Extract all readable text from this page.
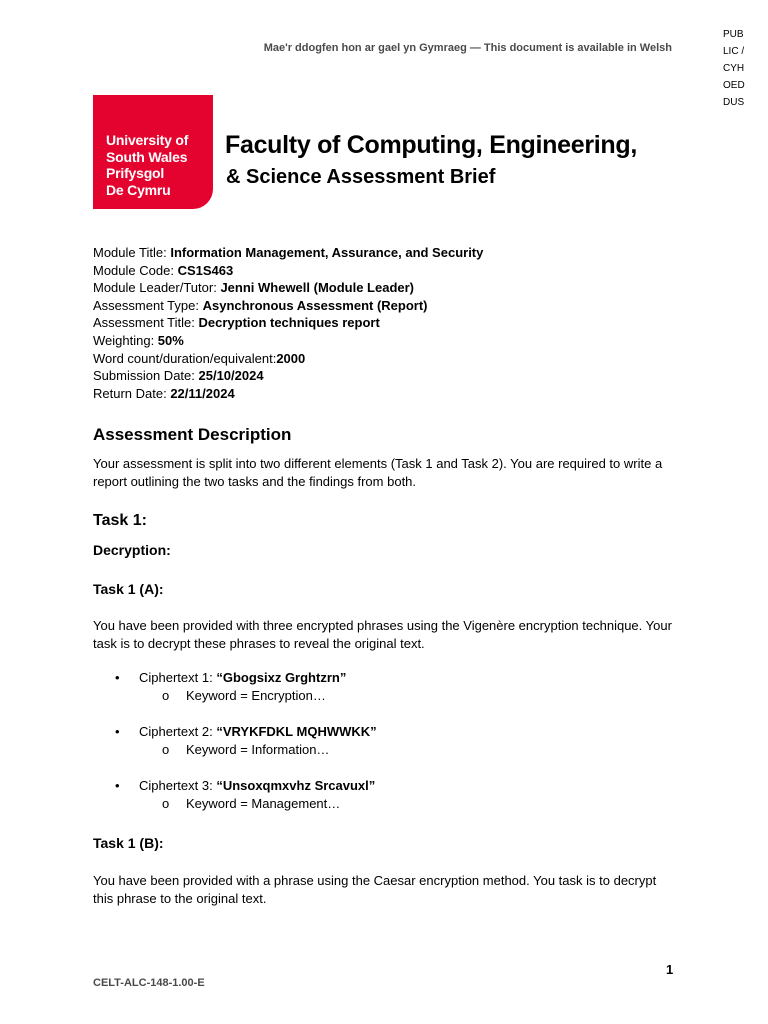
Mae'r ddogfen hon ar gael yn Gymraeg — This document is available in Welsh
PUBLIC / CYHOEDDUS
University of
South Wales
Prifysgol
De Cymru
Faculty of Computing, Engineering,
& Science Assessment Brief
Module Title: Information Management, Assurance, and Security
Module Code: CS1S463
Module Leader/Tutor: Jenni Whewell (Module Leader)
Assessment Type: Asynchronous Assessment (Report)
Assessment Title: Decryption techniques report
Weighting: 50%
Word count/duration/equivalent:2000
Submission Date: 25/10/2024
Return Date: 22/11/2024
Assessment Description
Your assessment is split into two different elements (Task 1 and Task 2). You are required to write a report outlining the two tasks and the findings from both.
Task 1:
Decryption:
Task 1 (A):
You have been provided with three encrypted phrases using the Vigenère encryption technique. Your task is to decrypt these phrases to reveal the original text.
• Ciphertext 1: “Gbogsixz Grghtzrn”
o Keyword = Encryption…
• Ciphertext 2: “VRYKFDKL MQHWWKK”
o Keyword = Information…
• Ciphertext 3: “Unsoxqmxvhz Srcavuxl”
o Keyword = Management…
Task 1 (B):
You have been provided with a phrase using the Caesar encryption method. You task is to decrypt this phrase to the original text.
1
CELT-ALC-148-1.00-E
